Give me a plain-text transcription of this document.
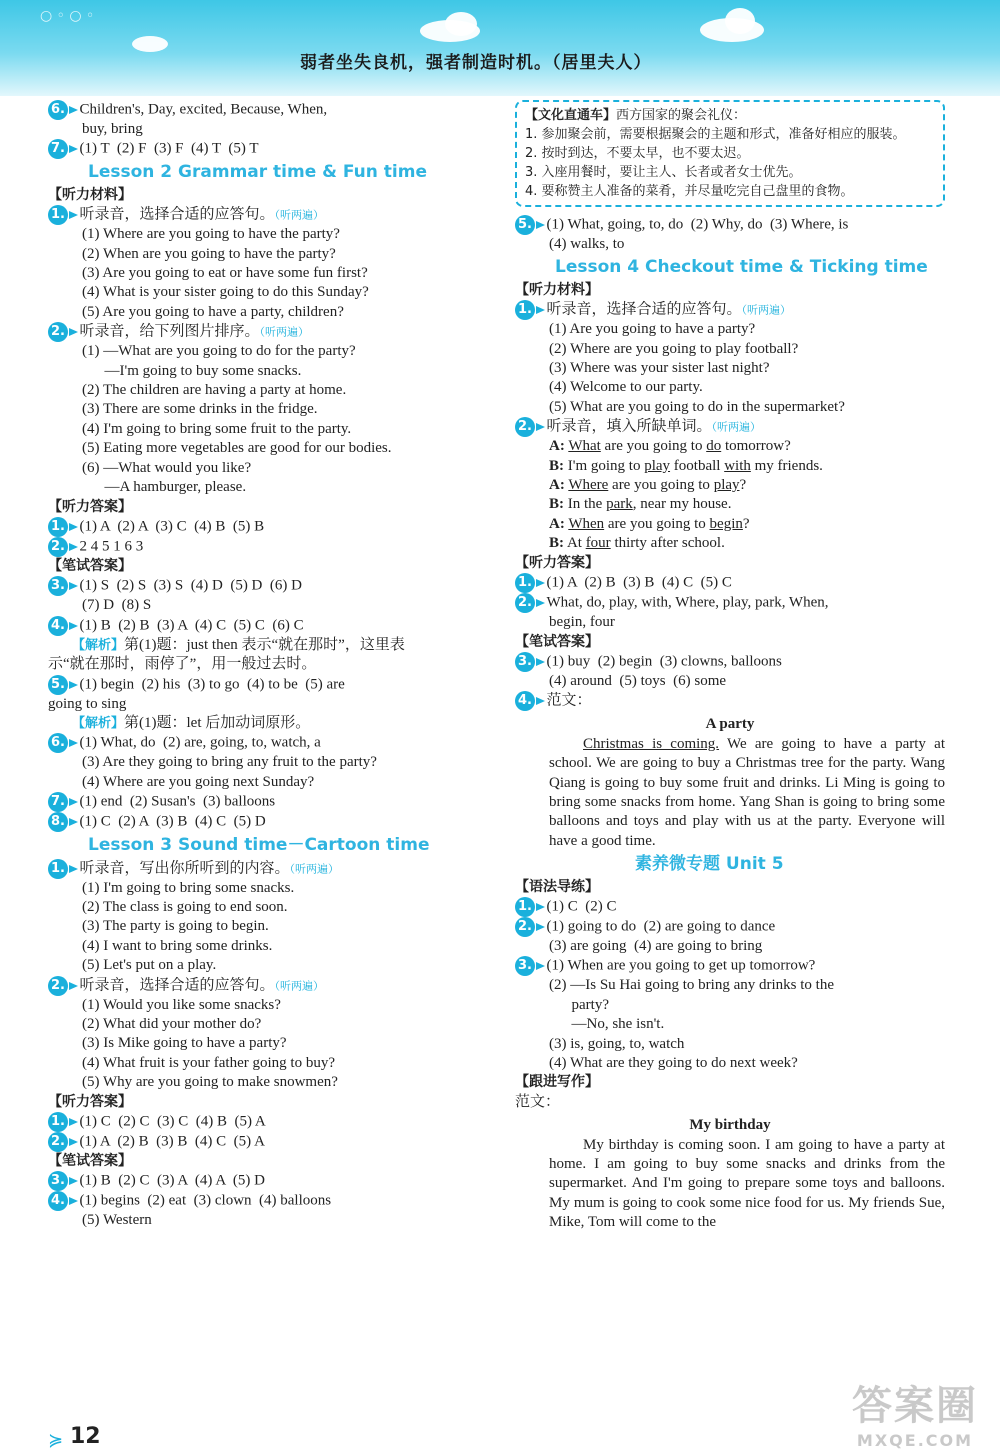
○ ◦ ○ ◦
弱者坐失良机，强者制造时机。（居里夫人）
6. Children's, Day, excited, Because, When,
buy, bring
7. (1) T  (2) F  (3) F  (4) T  (5) T
Lesson 2 Grammar time & Fun time
【听力材料】
1. 听录音，选择合适的应答句。（听两遍）
(1) Where are you going to have the party?
(2) When are you going to have the party?
(3) Are you going to eat or have some fun first?
(4) What is your sister going to do this Sunday?
(5) Are you going to have a party, children?
2. 听录音，给下列图片排序。（听两遍）
(1) —What are you going to do for the party?
—I'm going to buy some snacks.
(2) The children are having a party at home.
(3) There are some drinks in the fridge.
(4) I'm going to bring some fruit to the party.
(5) Eating more vegetables are good for our bodies.
(6) —What would you like?
—A hamburger, please.
【听力答案】
1. (1) A  (2) A  (3) C  (4) B  (5) B
2. 2 4 5 1 6 3
【笔试答案】
3. (1) S  (2) S  (3) S  (4) D  (5) D  (6) D
(7) D  (8) S
4. (1) B  (2) B  (3) A  (4) C  (5) C  (6) C
【解析】第(1)题：just then 表示“就在那时”，这里表
示“就在那时，雨停了”，用一般过去时。
5. (1) begin  (2) his  (3) to go  (4) to be  (5) are
going to sing
【解析】第(1)题：let 后加动词原形。
6. (1) What, do  (2) are, going, to, watch, a
(3) Are they going to bring any fruit to the party?
(4) Where are you going next Sunday?
7. (1) end  (2) Susan's  (3) balloons
8. (1) C  (2) A  (3) B  (4) C  (5) D
Lesson 3 Sound time－Cartoon time
1. 听录音，写出你所听到的内容。（听两遍）
(1) I'm going to bring some snacks.
(2) The class is going to end soon.
(3) The party is going to begin.
(4) I want to bring some drinks.
(5) Let's put on a play.
2. 听录音，选择合适的应答句。（听两遍）
(1) Would you like some snacks?
(2) What did your mother do?
(3) Is Mike going to have a party?
(4) What fruit is your father going to buy?
(5) Why are you going to make snowmen?
【听力答案】
1. (1) C  (2) C  (3) C  (4) B  (5) A
2. (1) A  (2) B  (3) B  (4) C  (5) A
【笔试答案】
3. (1) B  (2) C  (3) A  (4) A  (5) D
4. (1) begins  (2) eat  (3) clown  (4) balloons
(5) Western
【文化直通车】西方国家的聚会礼仪：
1. 参加聚会前，需要根据聚会的主题和形式，准备好相应的服装。
2. 按时到达，不要太早，也不要太迟。
3. 入座用餐时，要让主人、长者或者女士优先。
4. 要称赞主人准备的菜肴，并尽量吃完自己盘里的食物。
5. (1) What, going, to, do  (2) Why, do  (3) Where, is
(4) walks, to
Lesson 4 Checkout time & Ticking time
【听力材料】
1. 听录音，选择合适的应答句。（听两遍）
(1) Are you going to have a party?
(2) Where are you going to play football?
(3) Where was your sister last night?
(4) Welcome to our party.
(5) What are you going to do in the supermarket?
2. 听录音，填入所缺单词。（听两遍）
A: What are you going to do tomorrow?
B: I'm going to play football with my friends.
A: Where are you going to play?
B: In the park, near my house.
A: When are you going to begin?
B: At four thirty after school.
【听力答案】
1. (1) A  (2) B  (3) B  (4) C  (5) C
2. What, do, play, with, Where, play, park, When,
begin, four
【笔试答案】
3. (1) buy  (2) begin  (3) clowns, balloons
(4) around  (5) toys  (6) some
4. 范文：
A party
Christmas is coming. We are going to have a party at school. We are going to buy a Christmas tree for the party. Wang Qiang is going to buy some fruit and drinks. Li Ming is going to bring some snacks from home. Yang Shan is going to bring some balloons and toys and play with us at the party. Everyone will have a good time.
素养微专题 Unit 5
【语法导练】
1. (1) C  (2) C
2. (1) going to do  (2) are going to dance
(3) are going  (4) are going to bring
3. (1) When are you going to get up tomorrow?
(2) —Is Su Hai going to bring any drinks to the
party?
—No, she isn't.
(3) is, going, to, watch
(4) What are they going to do next week?
【跟进写作】
范文：
My birthday
My birthday is coming soon. I am going to have a party at home. I am going to buy some snacks and drinks from the supermarket. And I'm going to prepare some toys and balloons. My mum is going to cook some nice food for us. My friends Sue, Mike, Tom will come to the
≽ 12
答案圈
MXQE.COM
